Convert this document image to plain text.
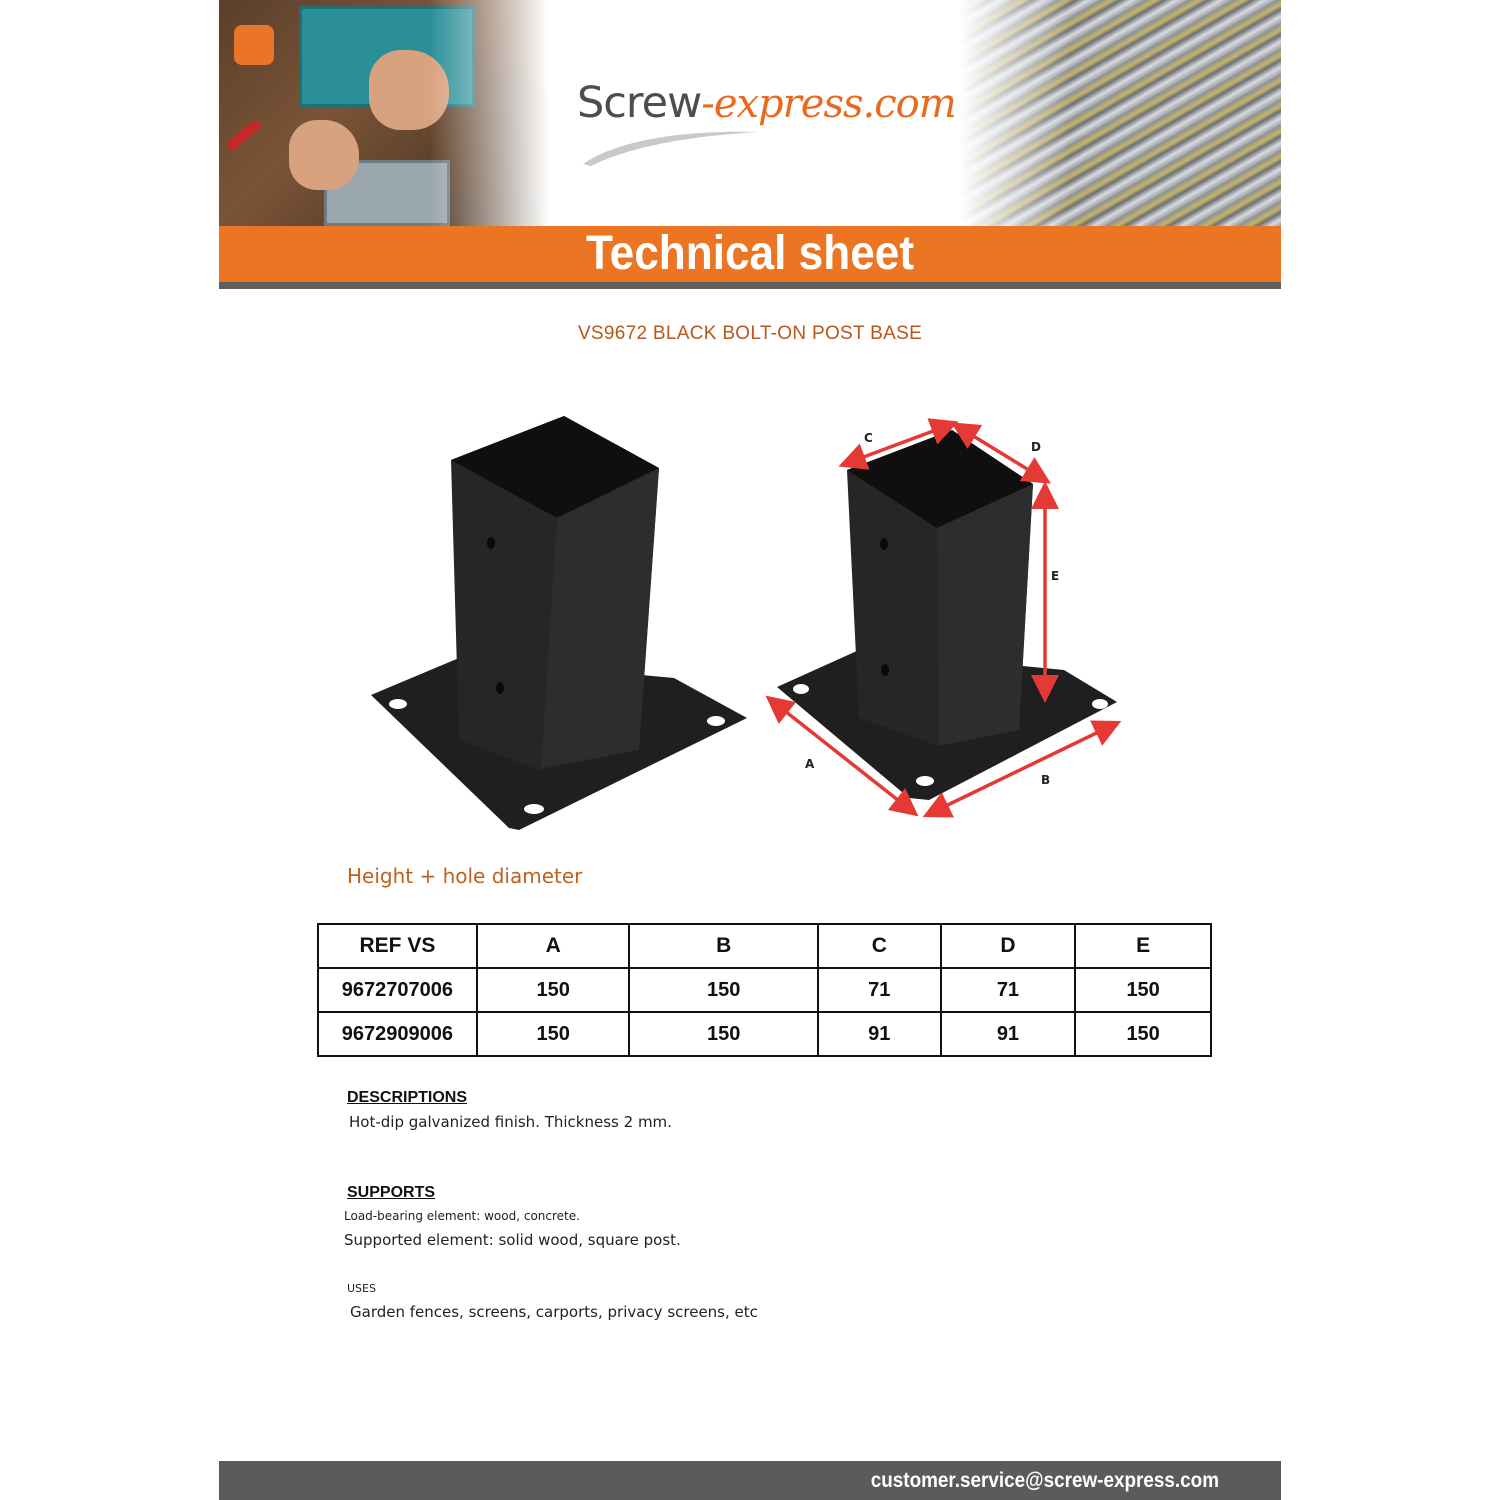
Screw-express.com
Technical sheet
VS9672 BLACK BOLT-ON POST BASE
C
D
E
A
B
Height + hole diameter
REF VS	A	B	C	D	E
9672707006	150	150	71	71	150
9672909006	150	150	91	91	150
DESCRIPTIONS
Hot-dip galvanized finish. Thickness 2 mm.
SUPPORTS
Load-bearing element: wood, concrete.
Supported element: solid wood, square post.
USES
Garden fences, screens, carports, privacy screens, etc
customer.service@screw-express.com
